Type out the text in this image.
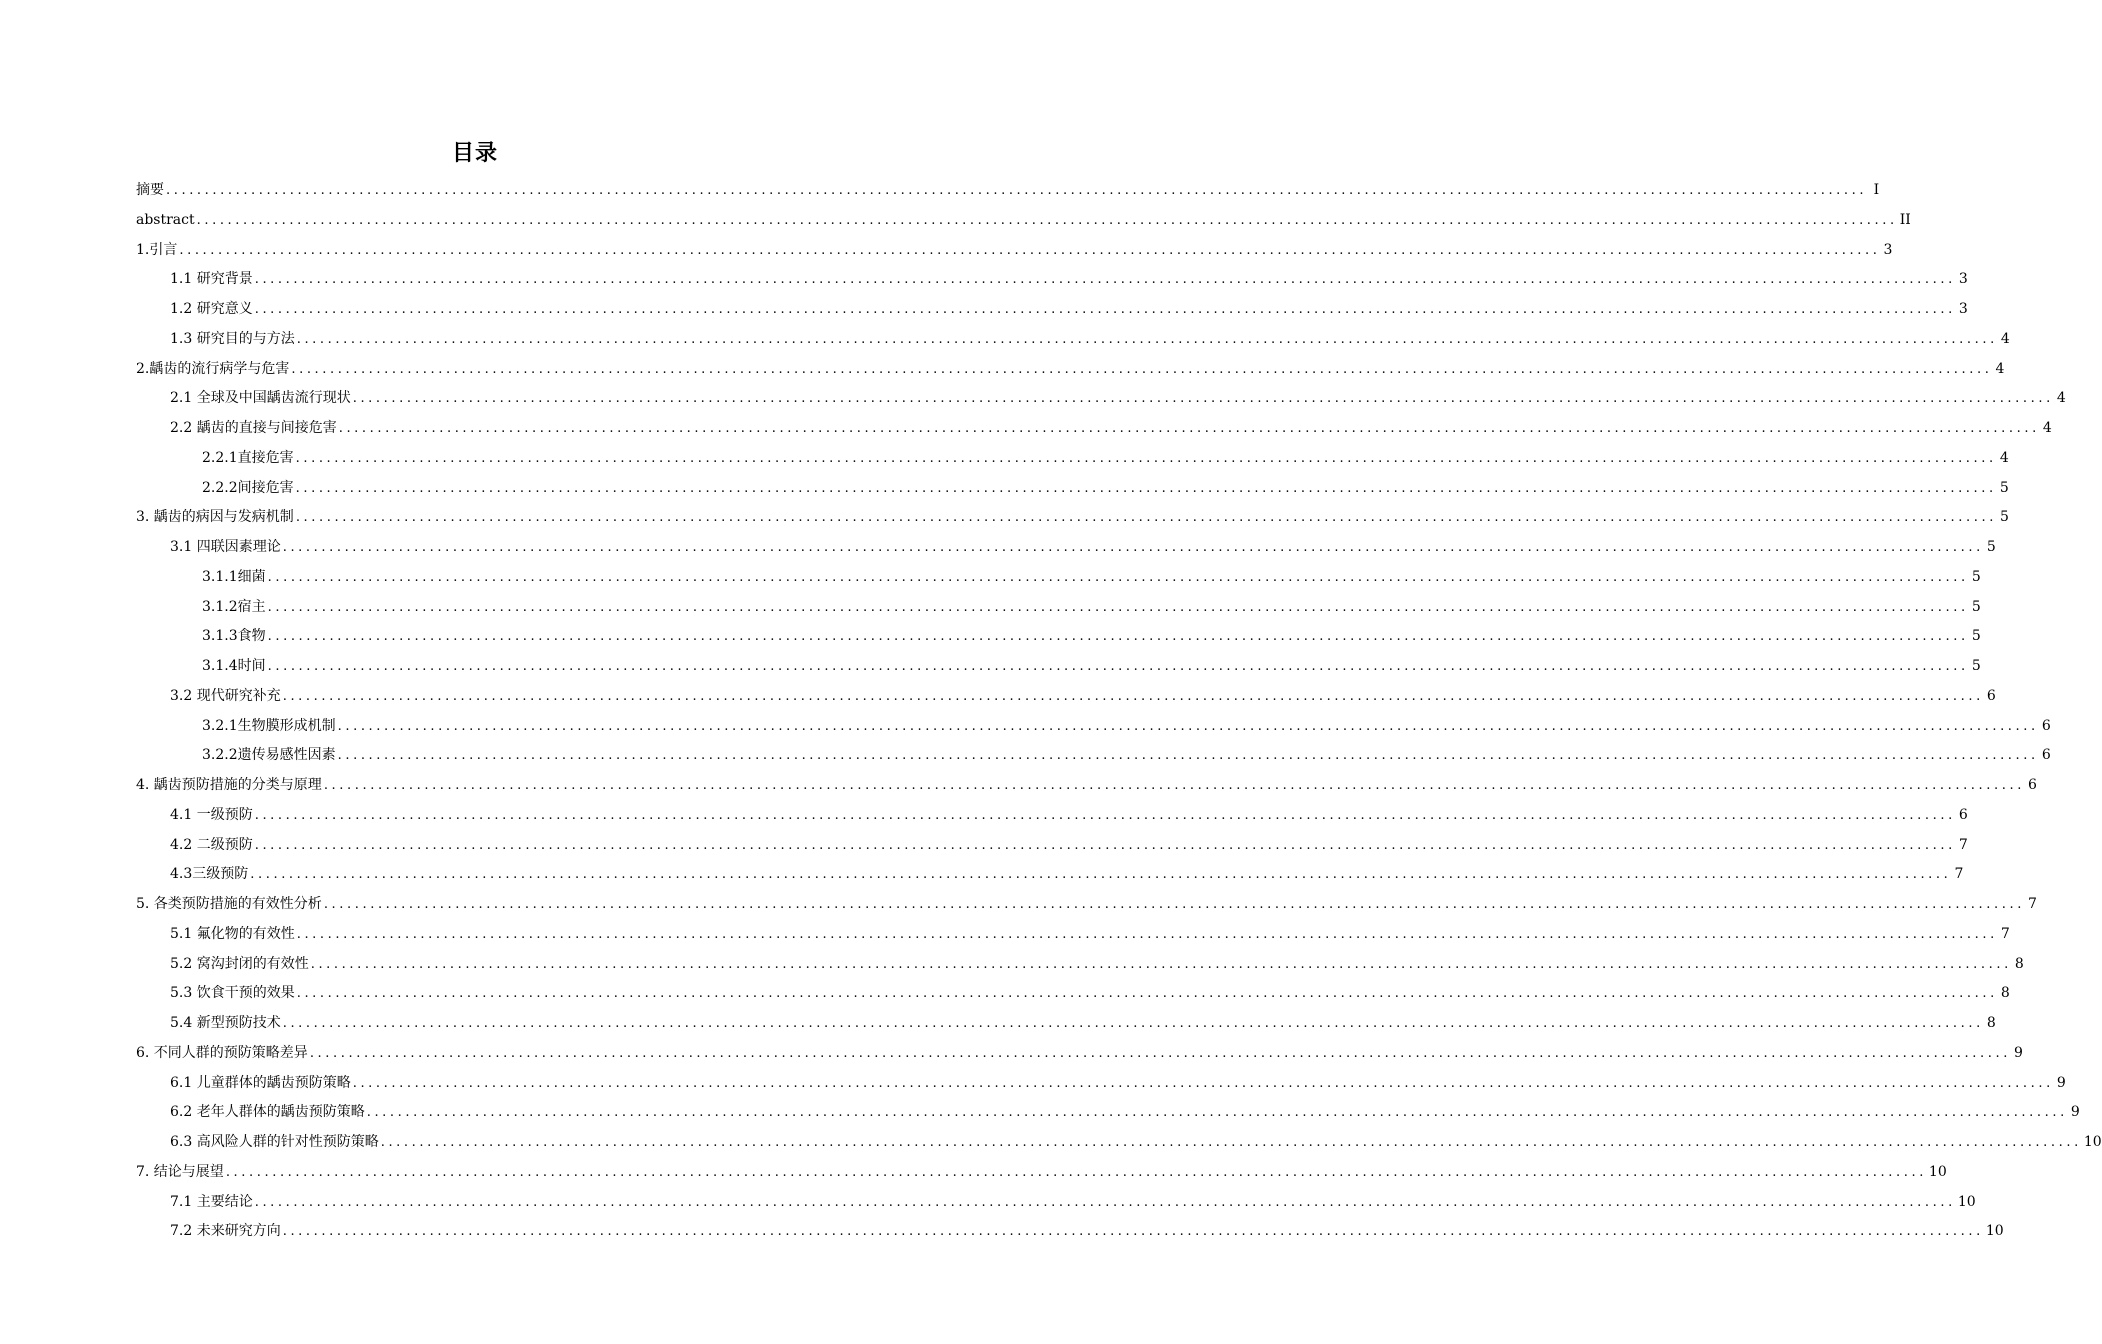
目录
摘要 ............................................................................................................................................................................................................................ I
abstract ............................................................................................................................................................................................................................ II
1.引言 ............................................................................................................................................................................................................................ 3
1.1 研究背景 ............................................................................................................................................................................................................................ 3
1.2 研究意义 ............................................................................................................................................................................................................................ 3
1.3 研究目的与方法 ............................................................................................................................................................................................................................ 4
2.龋齿的流行病学与危害 ............................................................................................................................................................................................................................ 4
2.1 全球及中国龋齿流行现状 ............................................................................................................................................................................................................................ 4
2.2 龋齿的直接与间接危害 ............................................................................................................................................................................................................................ 4
2.2.1直接危害 ............................................................................................................................................................................................................................ 4
2.2.2间接危害 ............................................................................................................................................................................................................................ 5
3. 龋齿的病因与发病机制 ............................................................................................................................................................................................................................ 5
3.1 四联因素理论 ............................................................................................................................................................................................................................ 5
3.1.1细菌 ............................................................................................................................................................................................................................ 5
3.1.2宿主 ............................................................................................................................................................................................................................ 5
3.1.3食物 ............................................................................................................................................................................................................................ 5
3.1.4时间 ............................................................................................................................................................................................................................ 5
3.2 现代研究补充 ............................................................................................................................................................................................................................ 6
3.2.1生物膜形成机制 ............................................................................................................................................................................................................................ 6
3.2.2遗传易感性因素 ............................................................................................................................................................................................................................ 6
4. 龋齿预防措施的分类与原理 ............................................................................................................................................................................................................................ 6
4.1 一级预防 ............................................................................................................................................................................................................................ 6
4.2 二级预防 ............................................................................................................................................................................................................................ 7
4.3三级预防 ............................................................................................................................................................................................................................ 7
5. 各类预防措施的有效性分析 ............................................................................................................................................................................................................................ 7
5.1 氟化物的有效性 ............................................................................................................................................................................................................................ 7
5.2 窝沟封闭的有效性 ............................................................................................................................................................................................................................ 8
5.3 饮食干预的效果 ............................................................................................................................................................................................................................ 8
5.4 新型预防技术 ............................................................................................................................................................................................................................ 8
6. 不同人群的预防策略差异 ............................................................................................................................................................................................................................ 9
6.1 儿童群体的龋齿预防策略 ............................................................................................................................................................................................................................ 9
6.2 老年人群体的龋齿预防策略 ............................................................................................................................................................................................................................ 9
6.3 高风险人群的针对性预防策略 ............................................................................................................................................................................................................................ 10
7. 结论与展望 ............................................................................................................................................................................................................................ 10
7.1 主要结论 ............................................................................................................................................................................................................................ 10
7.2 未来研究方向 ............................................................................................................................................................................................................................ 10
